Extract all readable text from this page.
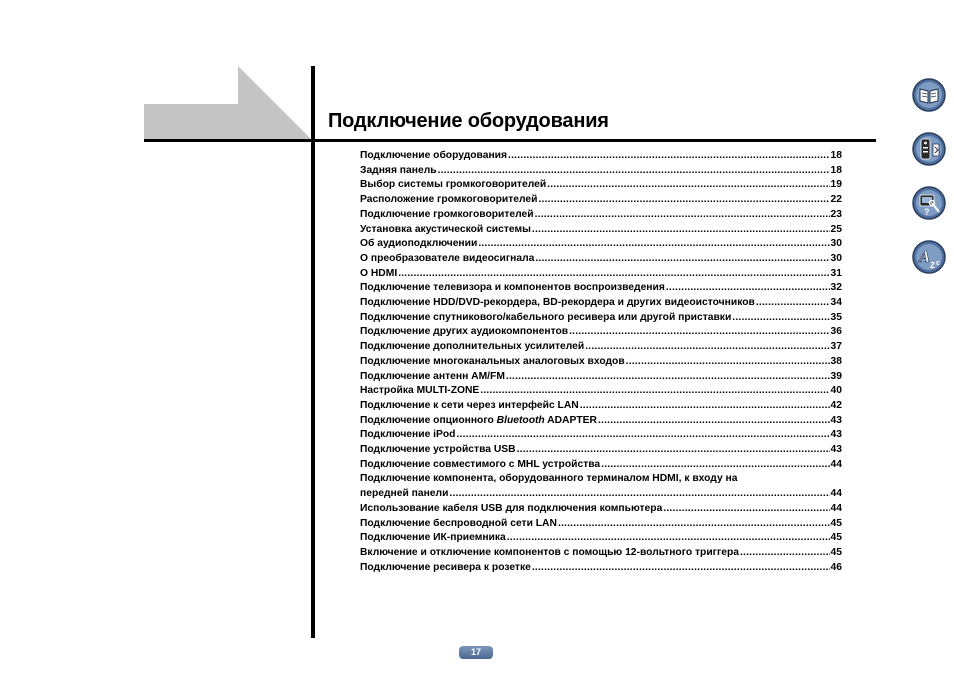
Подключение оборудования
Подключение оборудования .....	18
Задняя панель .....	18
Выбор системы громкоговорителей .....	19
Расположение громкоговорителей .....	22
Подключение громкоговорителей .....	23
Установка акустической системы .....	25
Об аудиоподключении .....	30
О преобразователе видеосигнала .....	30
О HDMI .....	31
Подключение телевизора и компонентов воспроизведения .....	32
Подключение HDD/DVD-рекордера, BD-рекордера и других видеоисточников .....	34
Подключение спутникового/кабельного ресивера или другой приставки .....	35
Подключение других аудиокомпонентов .....	36
Подключение дополнительных усилителей .....	37
Подключение многоканальных аналоговых входов .....	38
Подключение антенн AM/FM .....	39
Настройка MULTI-ZONE .....	40
Подключение к сети через интерфейс LAN .....	42
Подключение опционного Bluetooth ADAPTER .....	43
Подключение iPod .....	43
Подключение устройства USB .....	43
Подключение совместимого с MHL устройства .....	44
Подключение компонента, оборудованного терминалом HDMI, к входу на
передней панели .....	44
Использование кабеля USB для подключения компьютера .....	44
Подключение беспроводной сети LAN .....	45
Подключение ИК-приемника .....	45
Включение и отключение компонентов с помощью 12-вольтного триггера .....	45
Подключение ресивера к розетке .....	46
?
A Z c
17
